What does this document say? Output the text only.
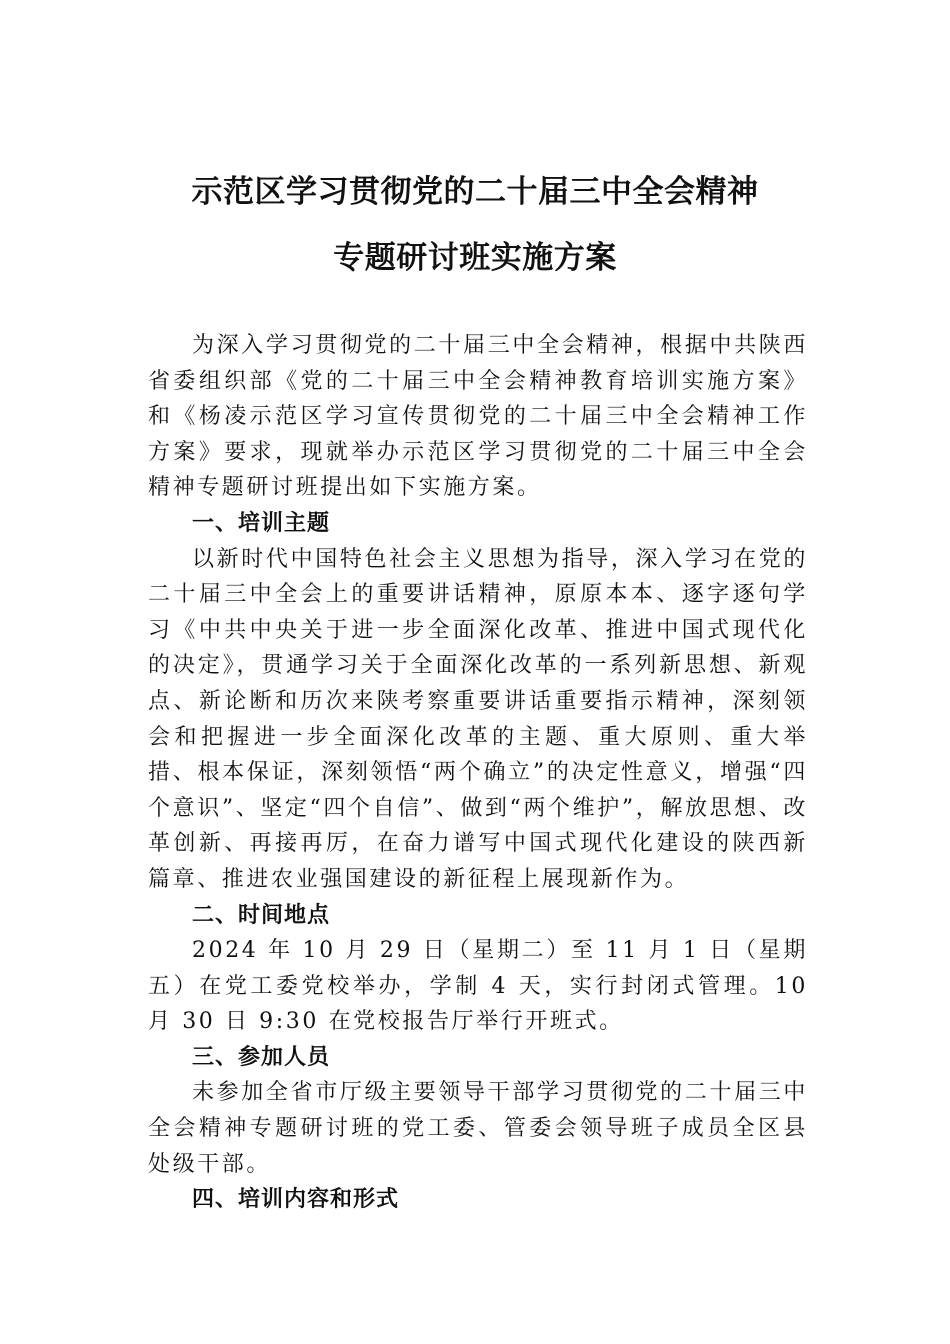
示范区学习贯彻党的二十届三中全会精神
专题研讨班实施方案

为深入学习贯彻党的二十届三中全会精神，根据中共陕西省委组织部《党的二十届三中全会精神教育培训实施方案》和《杨凌示范区学习宣传贯彻党的二十届三中全会精神工作方案》要求，现就举办示范区学习贯彻党的二十届三中全会精神专题研讨班提出如下实施方案。

一、培训主题

以新时代中国特色社会主义思想为指导，深入学习在党的二十届三中全会上的重要讲话精神，原原本本、逐字逐句学习《中共中央关于进一步全面深化改革、推进中国式现代化的决定》，贯通学习关于全面深化改革的一系列新思想、新观点、新论断和历次来陕考察重要讲话重要指示精神，深刻领会和把握进一步全面深化改革的主题、重大原则、重大举措、根本保证，深刻领悟“两个确立”的决定性意义，增强“四个意识”、坚定“四个自信”、做到“两个维护”，解放思想、改革创新、再接再厉，在奋力谱写中国式现代化建设的陕西新篇章、推进农业强国建设的新征程上展现新作为。

二、时间地点

2024 年 10 月 29 日（星期二）至 11 月 1 日（星期五）在党工委党校举办，学制 4 天，实行封闭式管理。10 月 30 日 9:30 在党校报告厅举行开班式。

三、参加人员

未参加全省市厅级主要领导干部学习贯彻党的二十届三中全会精神专题研讨班的党工委、管委会领导班子成员全区县处级干部。

四、培训内容和形式
